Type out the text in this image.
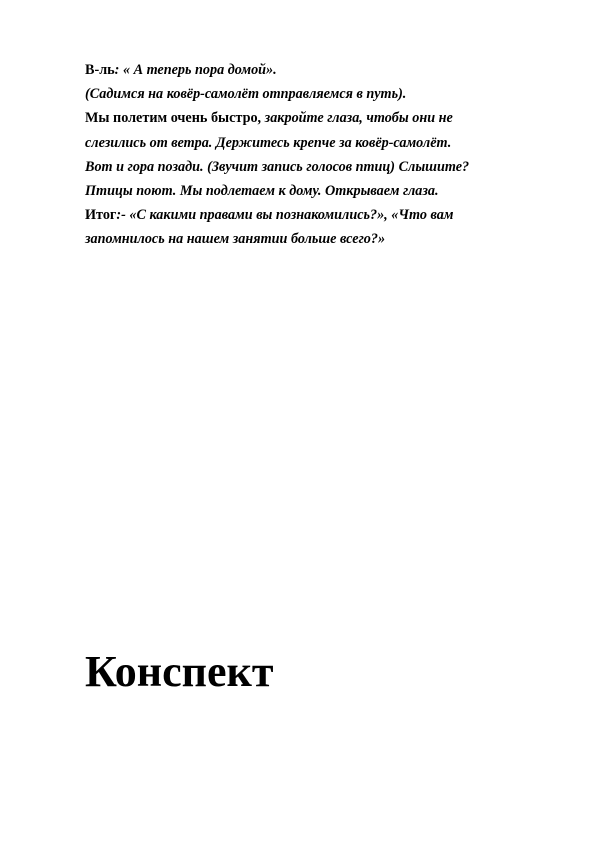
В-ль: « А теперь пора домой».
(Садимся на ковёр-самолёт отправляемся в путь).
Мы полетим очень быстро, закройте глаза, чтобы они не
слезились от ветра. Держитесь крепче за ковёр-самолёт.
Вот и гора позади. (Звучит запись голосов птиц) Слышите?
Птицы поют. Мы подлетаем к дому. Открываем глаза.
Итог:- «С какими правами вы познакомились?», «Что вам
запомнилось на нашем занятии больше всего?»
Конспект
